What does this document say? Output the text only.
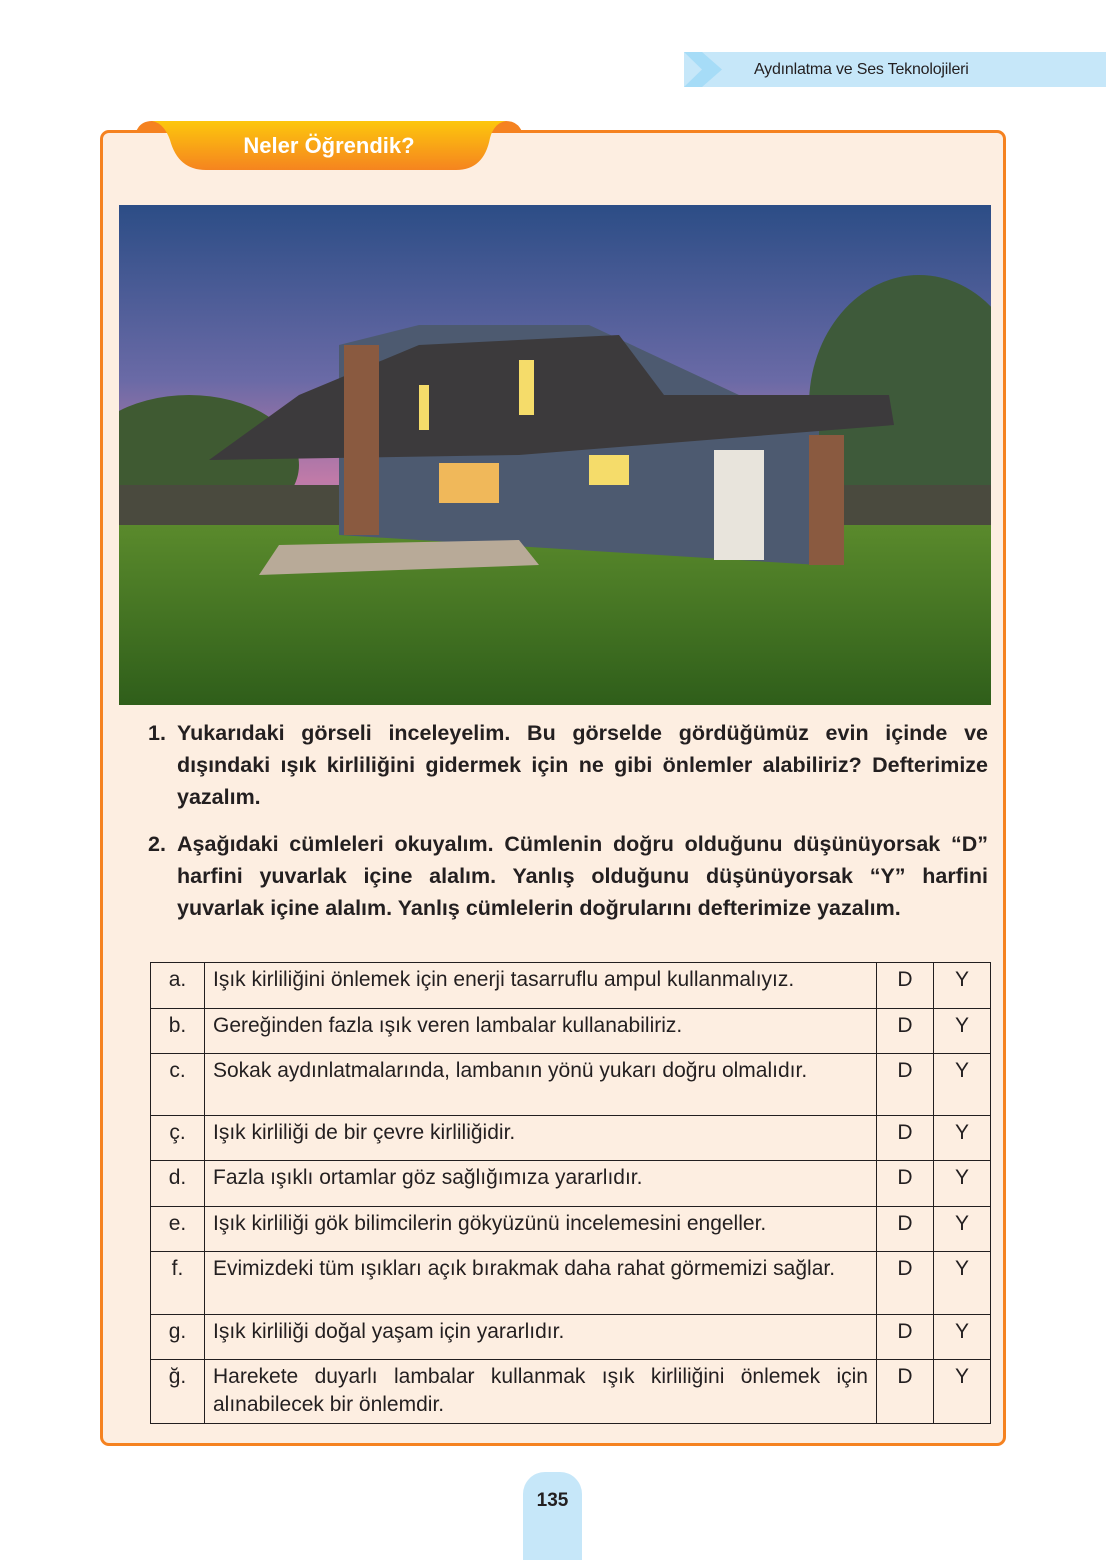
Aydınlatma ve Ses Teknolojileri
Neler Öğrendik?
1. Yukarıdaki görseli inceleyelim. Bu görselde gördüğümüz evin içinde ve dışındaki ışık kirliliğini gidermek için ne gibi önlemler alabiliriz? Defterimize yazalım.
2. Aşağıdaki cümleleri okuyalım. Cümlenin doğru olduğunu düşünüyorsak “D” harfini yuvarlak içine alalım. Yanlış olduğunu düşünüyorsak “Y” harfini yuvarlak içine alalım. Yanlış cümlelerin doğrularını defterimize yazalım.
a.	Işık kirliliğini önlemek için enerji tasarruflu ampul kullanmalıyız.	D	Y
b.	Gereğinden fazla ışık veren lambalar kullanabiliriz.	D	Y
c.	Sokak aydınlatmalarında, lambanın yönü yukarı doğru olmalıdır.	D	Y
ç.	Işık kirliliği de bir çevre kirliliğidir.	D	Y
d.	Fazla ışıklı ortamlar göz sağlığımıza yararlıdır.	D	Y
e.	Işık kirliliği gök bilimcilerin gökyüzünü incelemesini engeller.	D	Y
f.	Evimizdeki tüm ışıkları açık bırakmak daha rahat görmemizi sağlar.	D	Y
g.	Işık kirliliği doğal yaşam için yararlıdır.	D	Y
ğ.	Harekete duyarlı lambalar kullanmak ışık kirliliğini önlemek için alınabilecek bir önlemdir.	D	Y
135
